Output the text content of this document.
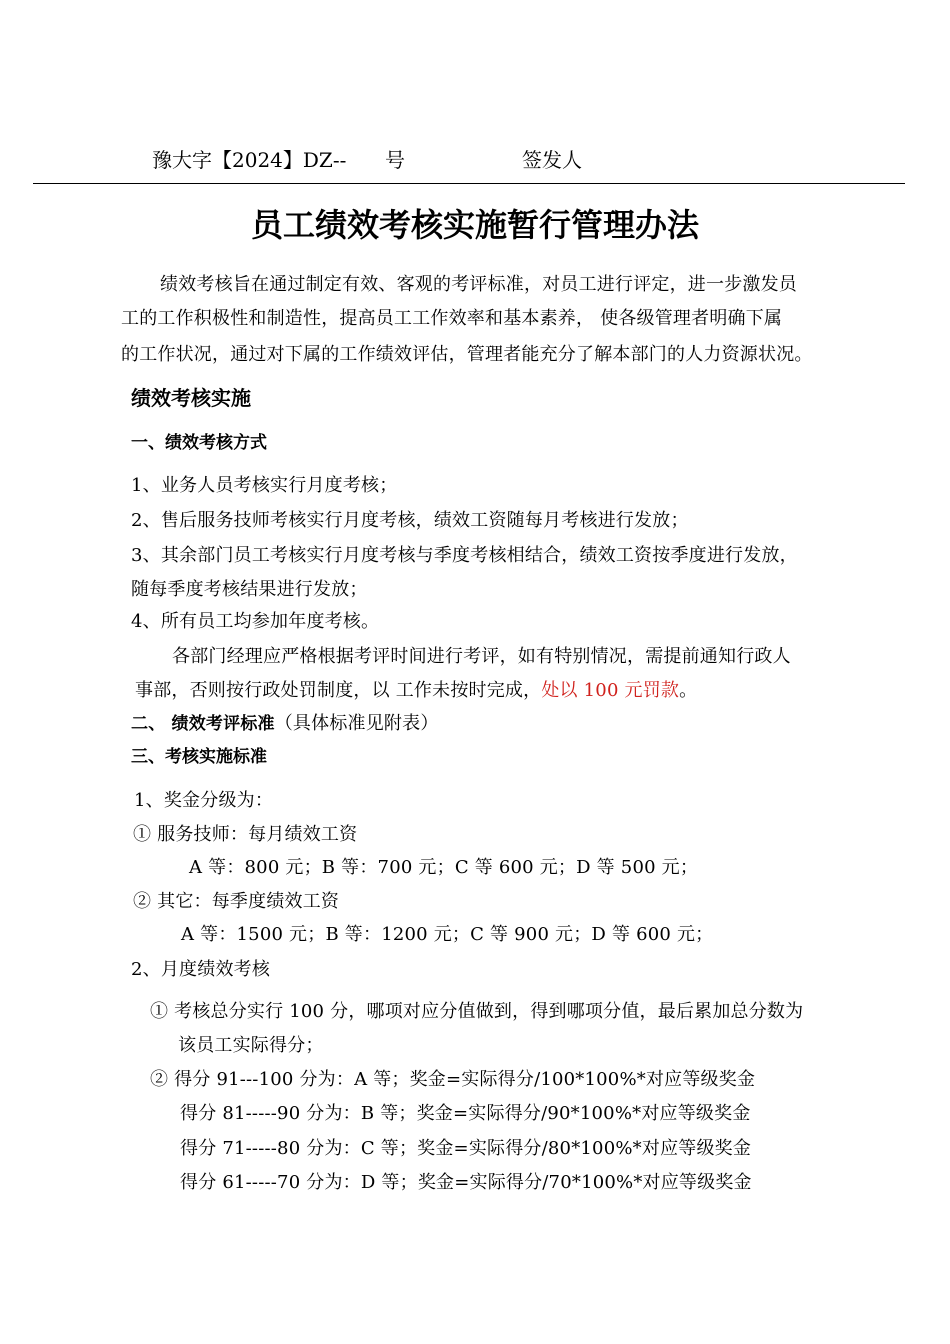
豫大字【2024】DZ-- 号	签发人
员工绩效考核实施暂行管理办法
绩效考核旨在通过制定有效、客观的考评标准，对员工进行评定，进一步激发员
工的工作积极性和制造性，提高员工工作效率和基本素养， 使各级管理者明确下属
的工作状况，通过对下属的工作绩效评估，管理者能充分了解本部门的人力资源状况。
绩效考核实施
一、绩效考核方式
1、业务人员考核实行月度考核；
2、售后服务技师考核实行月度考核，绩效工资随每月考核进行发放；
3、其余部门员工考核实行月度考核与季度考核相结合，绩效工资按季度进行发放，
随每季度考核结果进行发放；
4、所有员工均参加年度考核。
各部门经理应严格根据考评时间进行考评，如有特别情况，需提前通知行政人
事部，否则按行政处罚制度，以 工作未按时完成，处以 100 元罚款。
二、 绩效考评标准（具体标准见附表）
三、考核实施标准
1、奖金分级为：
① 服务技师：每月绩效工资
A 等：800 元；B 等：700 元；C 等 600 元；D 等 500 元；
② 其它：每季度绩效工资
A 等：1500 元；B 等：1200 元；C 等 900 元；D 等 600 元；
2、月度绩效考核
① 考核总分实行 100 分，哪项对应分值做到，得到哪项分值，最后累加总分数为
该员工实际得分；
② 得分 91---100 分为：A 等；奖金=实际得分/100*100%*对应等级奖金
得分 81-----90 分为：B 等；奖金=实际得分/90*100%*对应等级奖金
得分 71-----80 分为：C 等；奖金=实际得分/80*100%*对应等级奖金
得分 61-----70 分为：D 等；奖金=实际得分/70*100%*对应等级奖金
